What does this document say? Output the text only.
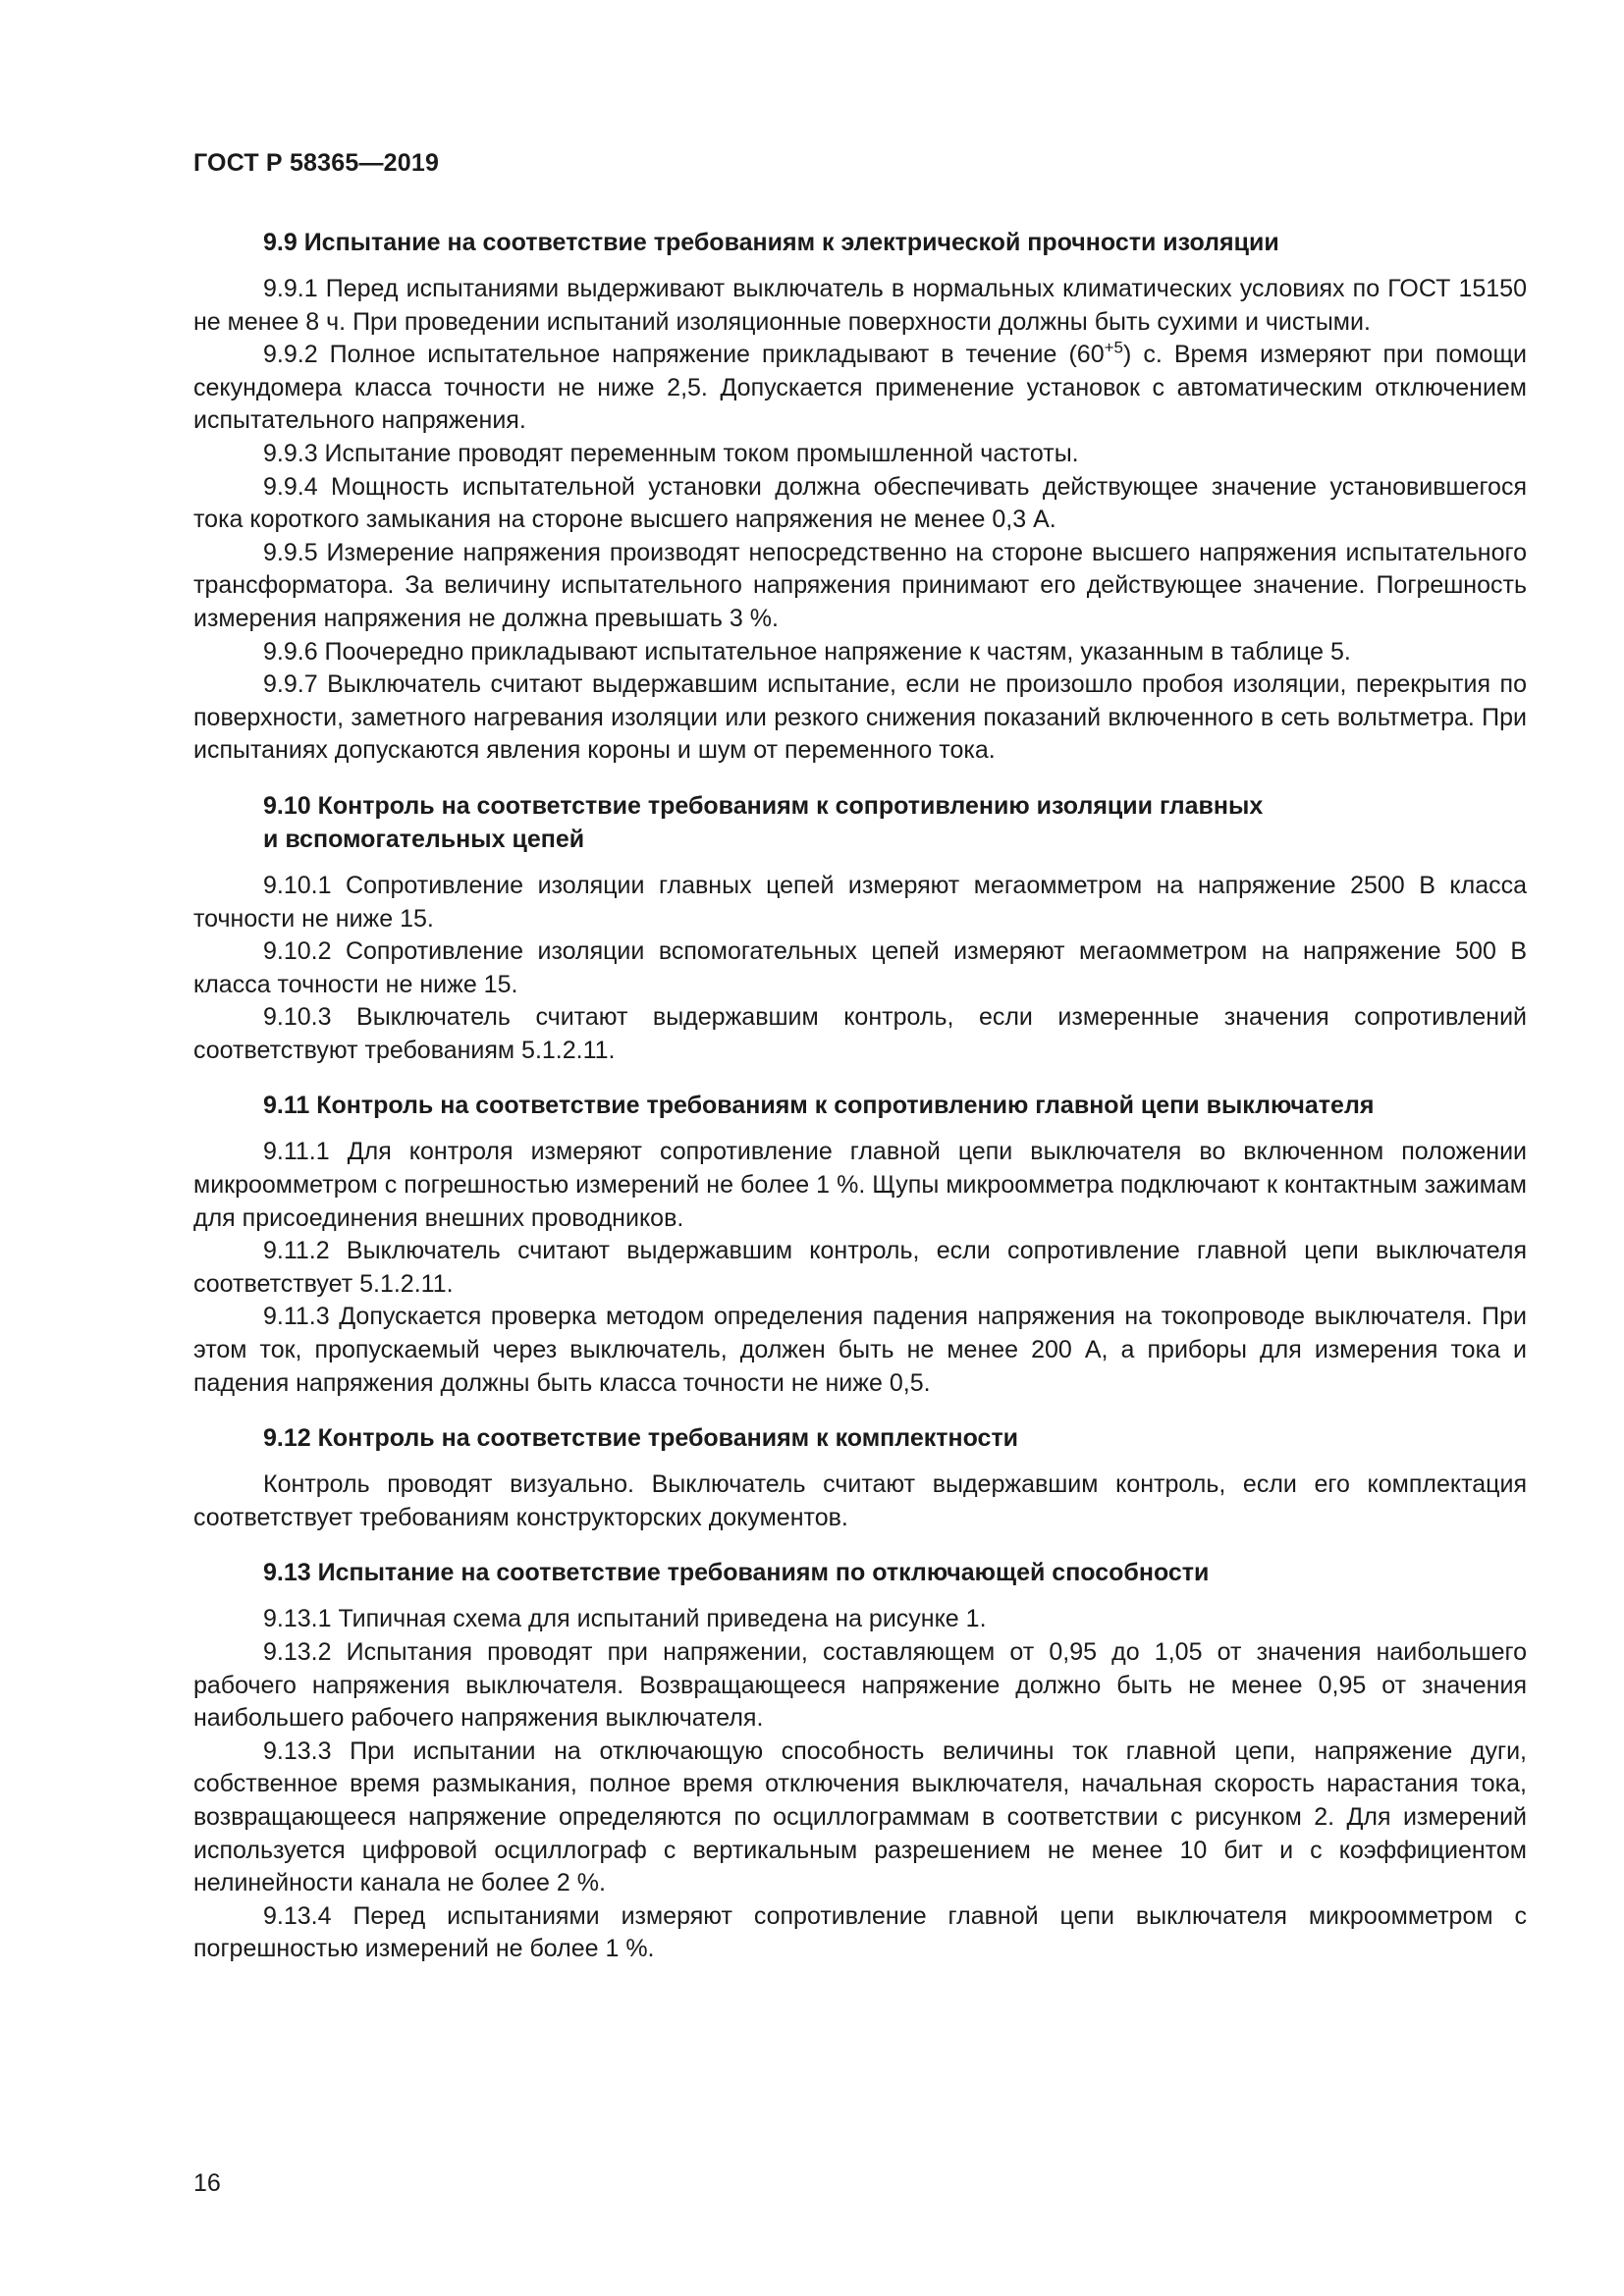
ГОСТ Р 58365—2019
9.9 Испытание на соответствие требованиям к электрической прочности изоляции

9.9.1 Перед испытаниями выдерживают выключатель в нормальных климатических условиях по ГОСТ 15150 не менее 8 ч. При проведении испытаний изоляционные поверхности должны быть сухими и чистыми.

9.9.2 Полное испытательное напряжение прикладывают в течение $(60^{+5})$ с. Время измеряют при помощи секундомера класса точности не ниже 2,5. Допускается применение установок с автоматическим отключением испытательного напряжения.

9.9.3 Испытание проводят переменным током промышленной частоты.

9.9.4 Мощность испытательной установки должна обеспечивать действующее значение установившегося тока короткого замыкания на стороне высшего напряжения не менее 0,3 А.

9.9.5 Измерение напряжения производят непосредственно на стороне высшего напряжения испытательного трансформатора. За величину испытательного напряжения принимают его действующее значение. Погрешность измерения напряжения не должна превышать 3 %.

9.9.6 Поочередно прикладывают испытательное напряжение к частям, указанным в таблице 5.

9.9.7 Выключатель считают выдержавшим испытание, если не произошло пробоя изоляции, перекрытия по поверхности, заметного нагревания изоляции или резкого снижения показаний включенного в сеть вольтметра. При испытаниях допускаются явления короны и шум от переменного тока.

9.10 Контроль на соответствие требованиям к сопротивлению изоляции главных
и вспомогательных цепей

9.10.1 Сопротивление изоляции главных цепей измеряют мегаомметром на напряжение 2500 В класса точности не ниже 15.

9.10.2 Сопротивление изоляции вспомогательных цепей измеряют мегаомметром на напряжение 500 В класса точности не ниже 15.

9.10.3 Выключатель считают выдержавшим контроль, если измеренные значения сопротивлений соответствуют требованиям 5.1.2.11.

9.11 Контроль на соответствие требованиям к сопротивлению главной цепи выключателя

9.11.1 Для контроля измеряют сопротивление главной цепи выключателя во включенном положении микроомметром с погрешностью измерений не более 1 %. Щупы микроомметра подключают к контактным зажимам для присоединения внешних проводников.

9.11.2 Выключатель считают выдержавшим контроль, если сопротивление главной цепи выключателя соответствует 5.1.2.11.

9.11.3 Допускается проверка методом определения падения напряжения на токопроводе выключателя. При этом ток, пропускаемый через выключатель, должен быть не менее 200 А, а приборы для измерения тока и падения напряжения должны быть класса точности не ниже 0,5.

9.12 Контроль на соответствие требованиям к комплектности

Контроль проводят визуально. Выключатель считают выдержавшим контроль, если его комплектация соответствует требованиям конструкторских документов.

9.13 Испытание на соответствие требованиям по отключающей способности

9.13.1 Типичная схема для испытаний приведена на рисунке 1.

9.13.2 Испытания проводят при напряжении, составляющем от 0,95 до 1,05 от значения наибольшего рабочего напряжения выключателя. Возвращающееся напряжение должно быть не менее 0,95 от значения наибольшего рабочего напряжения выключателя.

9.13.3 При испытании на отключающую способность величины ток главной цепи, напряжение дуги, собственное время размыкания, полное время отключения выключателя, начальная скорость нарастания тока, возвращающееся напряжение определяются по осциллограммам в соответствии с рисунком 2. Для измерений используется цифровой осциллограф с вертикальным разрешением не менее 10 бит и с коэффициентом нелинейности канала не более 2 %.

9.13.4 Перед испытаниями измеряют сопротивление главной цепи выключателя микроомметром с погрешностью измерений не более 1 %.

16
